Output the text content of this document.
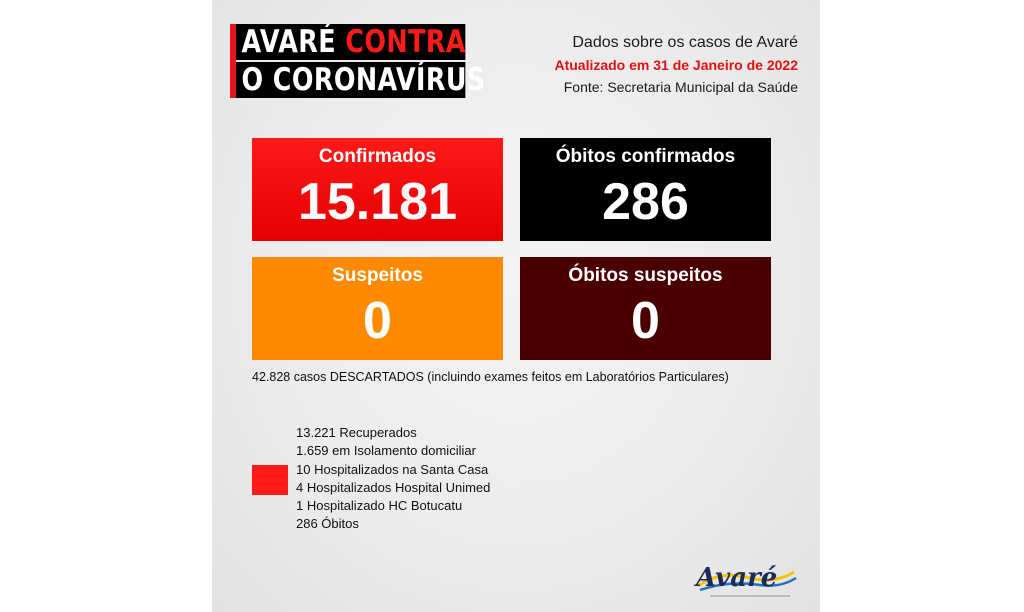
AVARÉ CONTRA
O CORONAVÍRUS
Dados sobre os casos de Avaré
Atualizado em 31 de Janeiro de 2022
Fonte: Secretaria Municipal da Saúde
Confirmados
15.181
Óbitos confirmados
286
Suspeitos
0
Óbitos suspeitos
0
42.828 casos DESCARTADOS (incluindo exames feitos em Laboratórios Particulares)
13.221 Recuperados
1.659 em Isolamento domiciliar
10 Hospitalizados na Santa Casa
4 Hospitalizados Hospital Unimed
1 Hospitalizado HC Botucatu
286 Óbitos
Avaré
